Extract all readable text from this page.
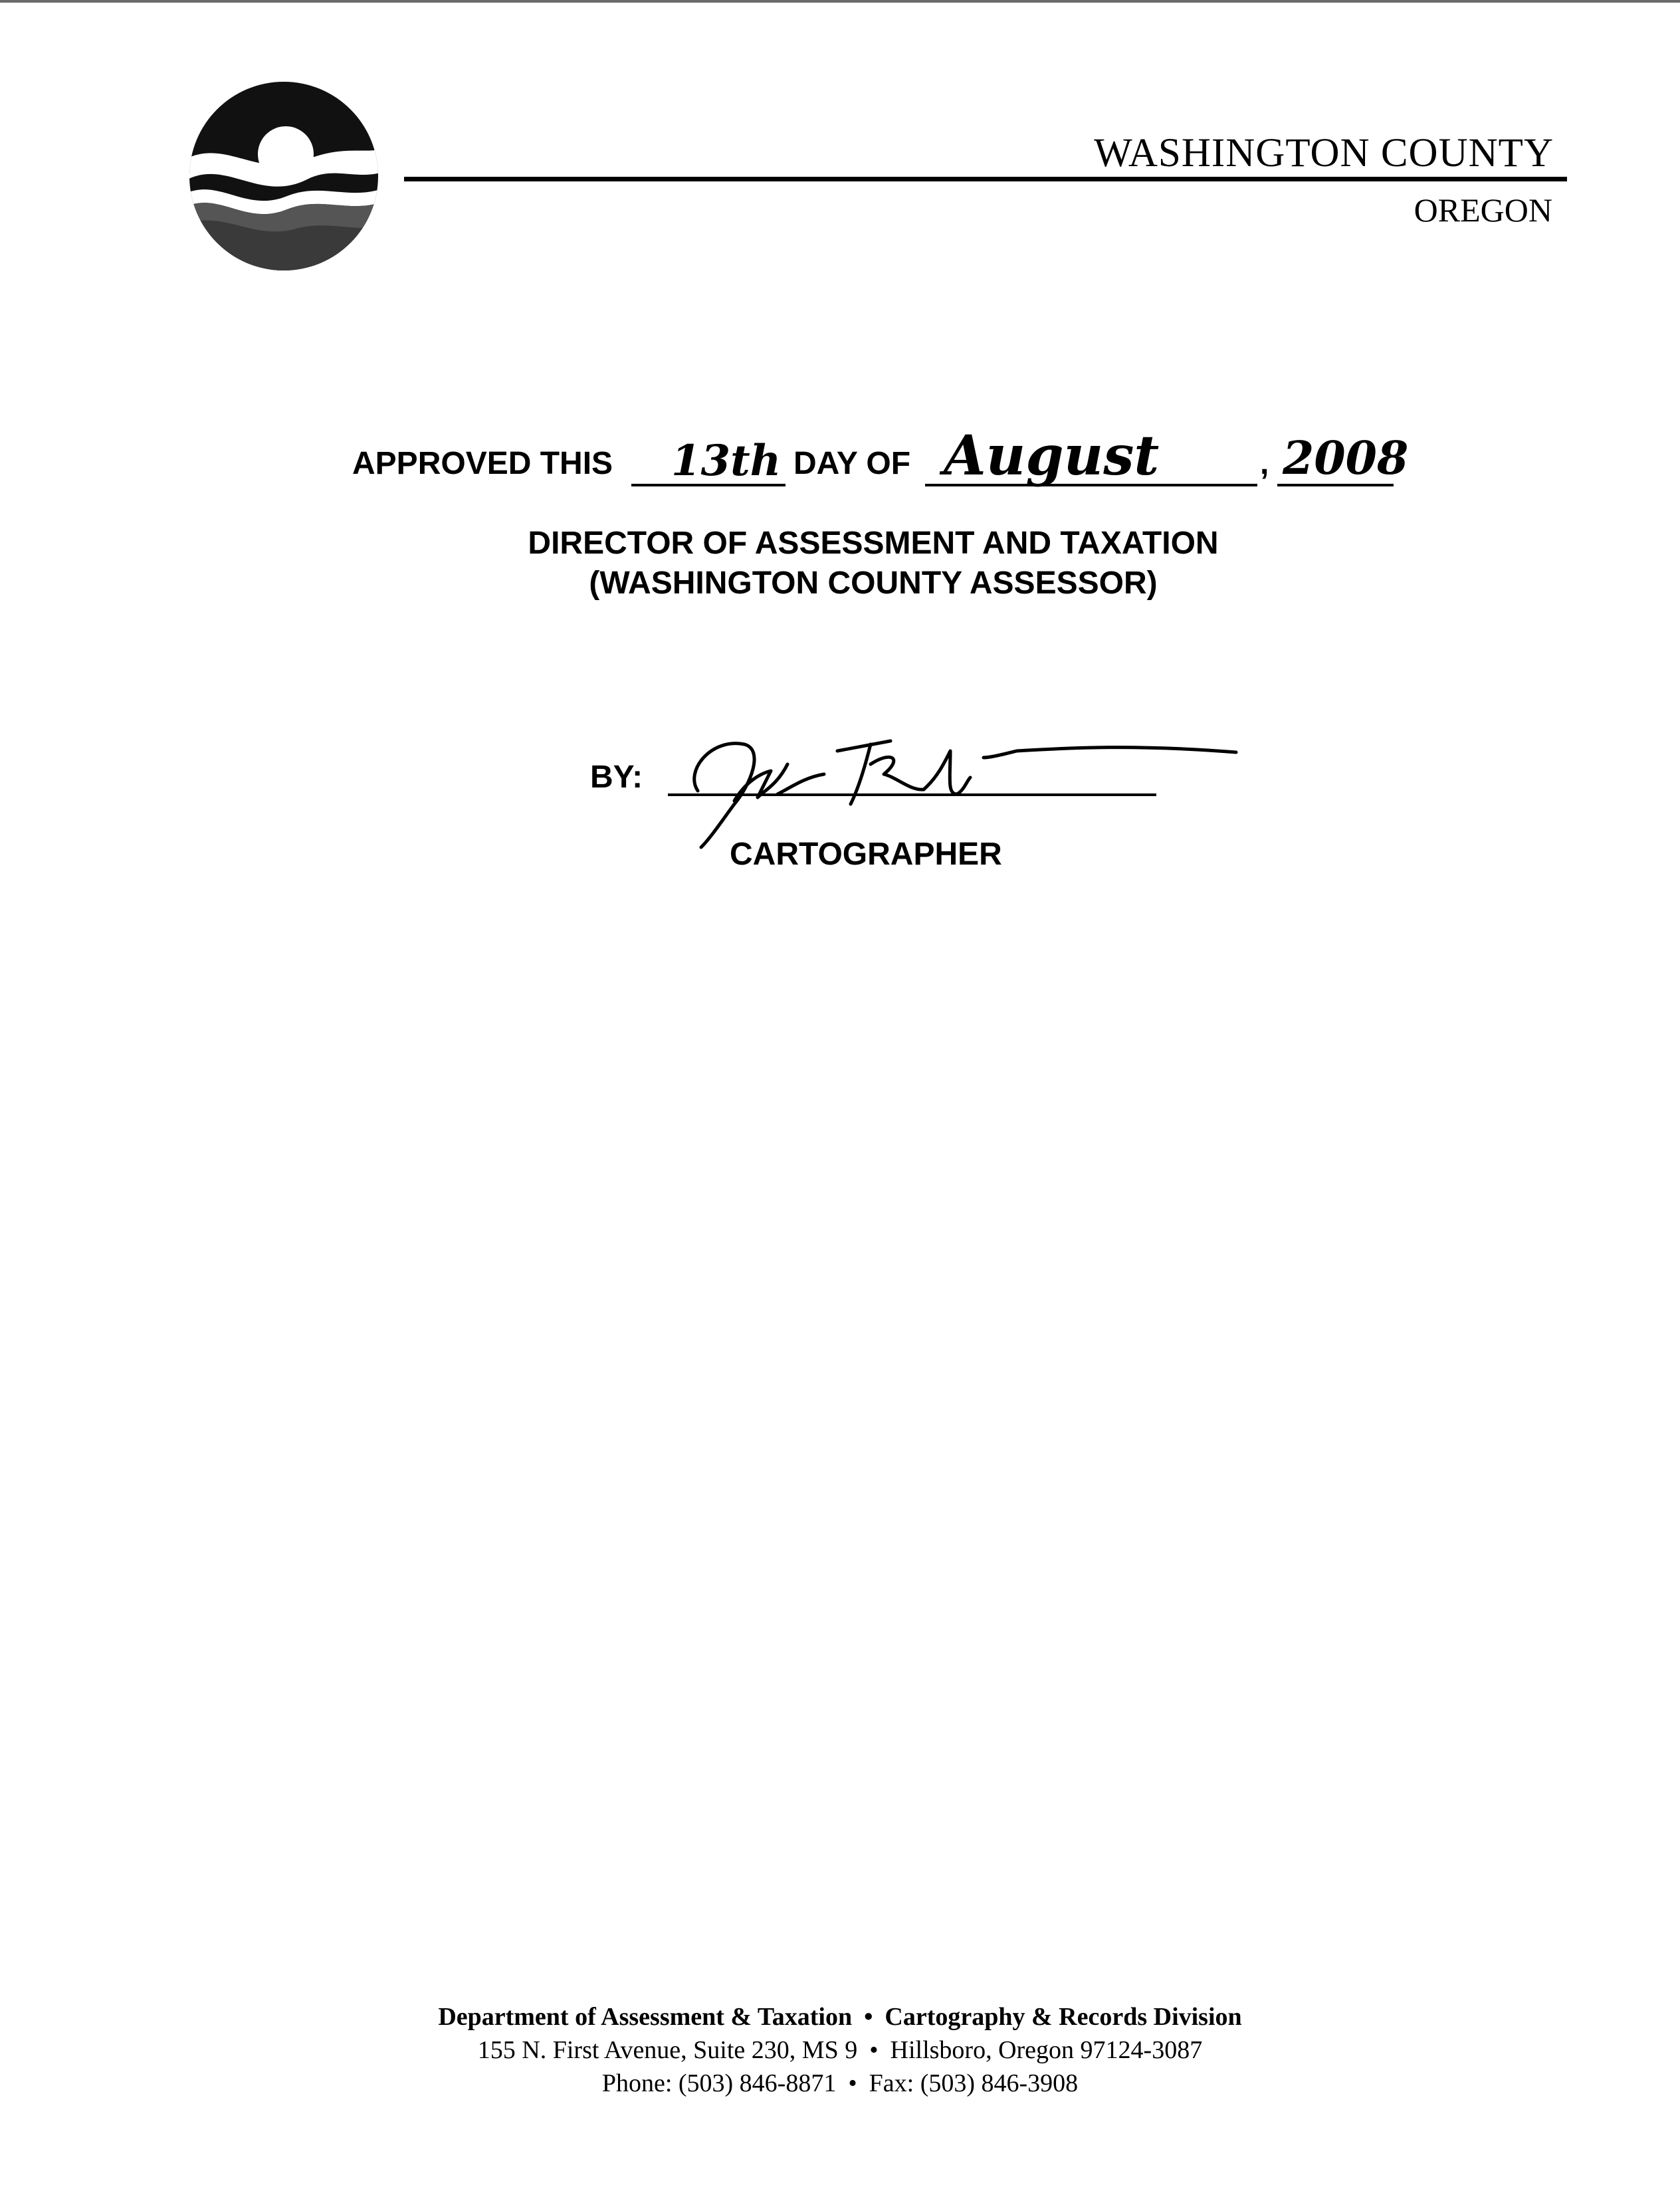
WASHINGTON COUNTY
OREGON
APPROVED THIS 13th DAY OF August	, 2008
DIRECTOR OF ASSESSMENT AND TAXATION
(WASHINGTON COUNTY ASSESSOR)
BY:
CARTOGRAPHER
Department of Assessment & Taxation • Cartography & Records Division
155 N. First Avenue, Suite 230, MS 9 • Hillsboro, Oregon 97124-3087
Phone: (503) 846-8871 • Fax: (503) 846-3908
